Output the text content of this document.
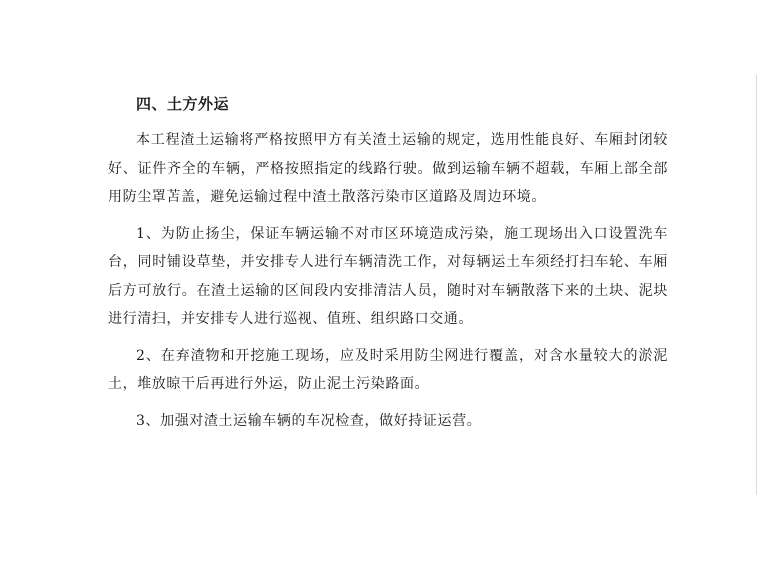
四、土方外运

本工程渣土运输将严格按照甲方有关渣土运输的规定，选用性能良好、车厢封闭较好、证件齐全的车辆，严格按照指定的线路行驶。做到运输车辆不超载，车厢上部全部用防尘罩苫盖，避免运输过程中渣土散落污染市区道路及周边环境。

1、为防止扬尘，保证车辆运输不对市区环境造成污染，施工现场出入口设置洗车台，同时铺设草垫，并安排专人进行车辆清洗工作，对每辆运土车须经打扫车轮、车厢后方可放行。在渣土运输的区间段内安排清洁人员，随时对车辆散落下来的土块、泥块进行清扫，并安排专人进行巡视、值班、组织路口交通。

2、在弃渣物和开挖施工现场，应及时采用防尘网进行覆盖，对含水量较大的淤泥土，堆放晾干后再进行外运，防止泥土污染路面。

3、加强对渣土运输车辆的车况检查，做好持证运营。
